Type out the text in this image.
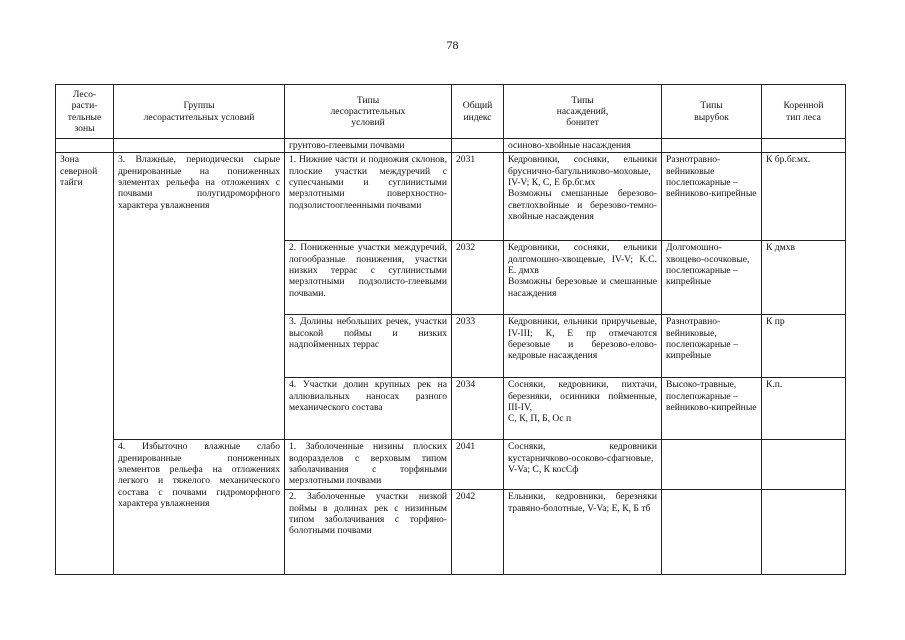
78
Лесо-
расти-
тельные
зоны	Группы
лесорастительных условий	Типы
лесорастительных
условий	Общий
индекс	Типы
насаждений,
бонитет	Типы
вырубок	Коренной
тип леса
		грунтово-глеевыми почвами		осиново-хвойные насаждения		
Зона
северной
тайги	3. Влажные, периодически сырые дренированные на пониженных элементах рельефа на отложениях с почвами полугидроморфного характера увлажнения	1. Нижние части и подножия склонов, плоские участки междуречий с супесчаными и суглинистыми мерзлотными поверхностно-подзолистооглеенными почвами	2031	Кедровники, сосняки, ельники бруснично-багульниково-моховые, IV-V; К, С, Е бр.бг.мх
Возможны смешанные березово-светлохвойные и березово-темно-хвойные насаждения	Разнотравно-вейниковые послепожарные – вейниково-кипрейные	К бр.бг.мх.
		2. Пониженные участки междуречий, логообразные понижения, участки низких террас с суглинистыми мерзлотными подзолисто-глеевыми почвами.	2032	Кедровники, сосняки, ельники долгомошно-хвощевые, IV-V; К.С. Е. дмхв
Возможны березовые и смешанные насаждения	Долгомошно-хвощево-осочковые, послепожарные – кипрейные	К дмхв
		3. Долины небольших речек, участки высокой поймы и низких надпойменных террас	2033	Кедровники, ельники приручьевые, IV-III; К, Е пр отмечаются березовые и березово-елово-кедровые насаждения	Разнотравно-вейниковые, послепожарные – кипрейные	К пр
		4. Участки долин крупных рек на аллювиальных наносах разного механического состава	2034	Сосняки, кедровники, пихтачи, березняки, осинники пойменные, III-IV,
С, К, П, Б, Ос п	Высоко-травные, послепожарные – вейниково-кипрейные	К.п.
	4. Избыточно влажные слабо дренированные пониженных элементов рельефа на отложениях легкого и тяжелого механического состава с почвами гидроморфного характера увлажнения	1. Заболоченные низины плоских водоразделов с верховым типом заболачивания с торфяными мерзлотными почвами	2041	Сосняки, кедровники кустарничково-осоково-сфагновые, V-Va; С, К косСф		
		2. Заболоченные участки низкой поймы в долинах рек с низинным типом заболачивания с торфяно-болотными почвами	2042	Ельники, кедровники, березняки травяно-болотные, V-Va; Е, К, Б тб		
